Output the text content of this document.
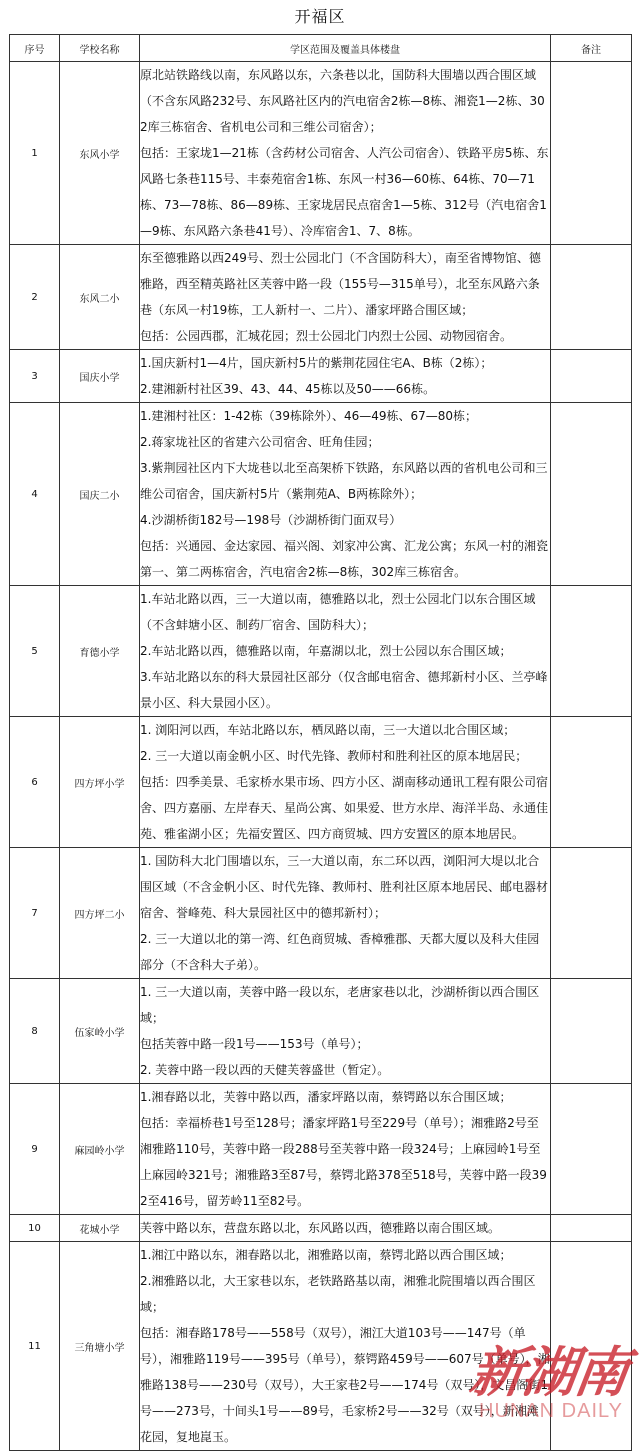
开福区
序号	学校名称	学区范围及覆盖具体楼盘	备注
1	东风小学	原北站铁路线以南，东风路以东，六条巷以北，国防科大围墙以西合围区域（不含东风路232号、东风路社区内的汽电宿舍2栋—8栋、湘瓷1—2栋、302库三栋宿舍、省机电公司和三维公司宿舍）；

包括：王家垅1—21栋（含药材公司宿舍、人汽公司宿舍）、铁路平房5栋、东风路七条巷115号、丰泰苑宿舍1栋、东风一村36—60栋、64栋、70—71栋、73—78栋、86—89栋、王家垅居民点宿舍1—5栋、312号（汽电宿舍1—9栋、东风路六条巷41号）、冷库宿舍1、7、8栋。	

2	东风二小	东至德雅路以西249号、烈士公园北门（不含国防科大），南至省博物馆、德雅路，西至精英路社区芙蓉中路一段（155号—315单号），北至东风路六条巷（东风一村19栋，工人新村一、二片）、潘家坪路合围区域；

包括：公园西郡，汇城花园；烈士公园北门内烈士公园、动物园宿舍。	

3	国庆小学	1.国庆新村1—4片，国庆新村5片的紫荆花园住宅A、B栋（2栋）；

2.建湘新村社区39、43、44、45栋以及50——66栋。	

4	国庆二小	1.建湘村社区：1-42栋（39栋除外）、46—49栋、67—80栋；

2.蒋家垅社区的省建六公司宿舍、旺角佳园；

3.紫荆园社区内下大垅巷以北至高架桥下铁路，东风路以西的省机电公司和三维公司宿舍，国庆新村5片（紫荆苑A、B两栋除外）；

4.沙湖桥街182号—198号（沙湖桥街门面双号）

包括：兴通园、金达家园、福兴阁、刘家冲公寓、汇龙公寓；东风一村的湘瓷第一、第二两栋宿舍，汽电宿舍2栋—8栋，302库三栋宿舍。	

5	育德小学	1.车站北路以西，三一大道以南，德雅路以北，烈士公园北门以东合围区域（不含蚌塘小区、制药厂宿舍、国防科大）；

2.车站北路以西，德雅路以南，年嘉湖以北，烈士公园以东合围区域；

3.车站北路以东的科大景园社区部分（仅含邮电宿舍、德邦新村小区、兰亭峰景小区、科大景园小区）。	

6	四方坪小学	1. 浏阳河以西，车站北路以东，栖凤路以南，三一大道以北合围区域；

2. 三一大道以南金帆小区、时代先锋、教师村和胜利社区的原本地居民；

包括：四季美景、毛家桥水果市场、四方小区、湖南移动通讯工程有限公司宿舍、四方嘉丽、左岸春天、星尚公寓、如果爱、世方水岸、海洋半岛、永通佳苑、雅雀湖小区；先福安置区、四方商贸城、四方安置区的原本地居民。	

7	四方坪二小	1. 国防科大北门围墙以东，三一大道以南，东二环以西，浏阳河大堤以北合围区域（不含金帆小区、时代先锋、教师村、胜利社区原本地居民、邮电器材宿舍、誉峰苑、科大景园社区中的德邦新村）；

2. 三一大道以北的第一湾、红色商贸城、香樟雅郡、天都大厦以及科大佳园部分（不含科大子弟）。	

8	伍家岭小学	1. 三一大道以南，芙蓉中路一段以东，老唐家巷以北，沙湖桥街以西合围区域；

包括芙蓉中路一段1号——153号（单号）；

2. 芙蓉中路一段以西的天健芙蓉盛世（暂定）。	

9	麻园岭小学	1.湘春路以北，芙蓉中路以西，潘家坪路以南，蔡锷路以东合围区域；

包括：幸福桥巷1号至128号；潘家坪路1号至229号（单号）；湘雅路2号至湘雅路110号，芙蓉中路一段288号至芙蓉中路一段324号；上麻园岭1号至上麻园岭321号；湘雅路3至87号，蔡锷北路378至518号，芙蓉中路一段392至416号，留芳岭11至82号。	

10	花城小学	芙蓉中路以东，营盘东路以北，东风路以西，德雅路以南合围区域。	

11	三角塘小学	1.湘江中路以东，湘春路以北，湘雅路以南，蔡锷北路以西合围区域；

2.湘雅路以北，大王家巷以东，老铁路路基以南，湘雅北院围墙以西合围区域；

包括：湘春路178号——558号（双号），湘江大道103号——147号（单号），湘雅路119号——395号（单号），蔡锷路459号——607号（单号），湘雅路138号——230号（双号），大王家巷2号——174号（双号），文昌阁街1号——273号，十间头1号——89号，毛家桥2号——32号（双号），新湘滩花园，复地崑玉。	

新湖南
HUNAN DAILY
